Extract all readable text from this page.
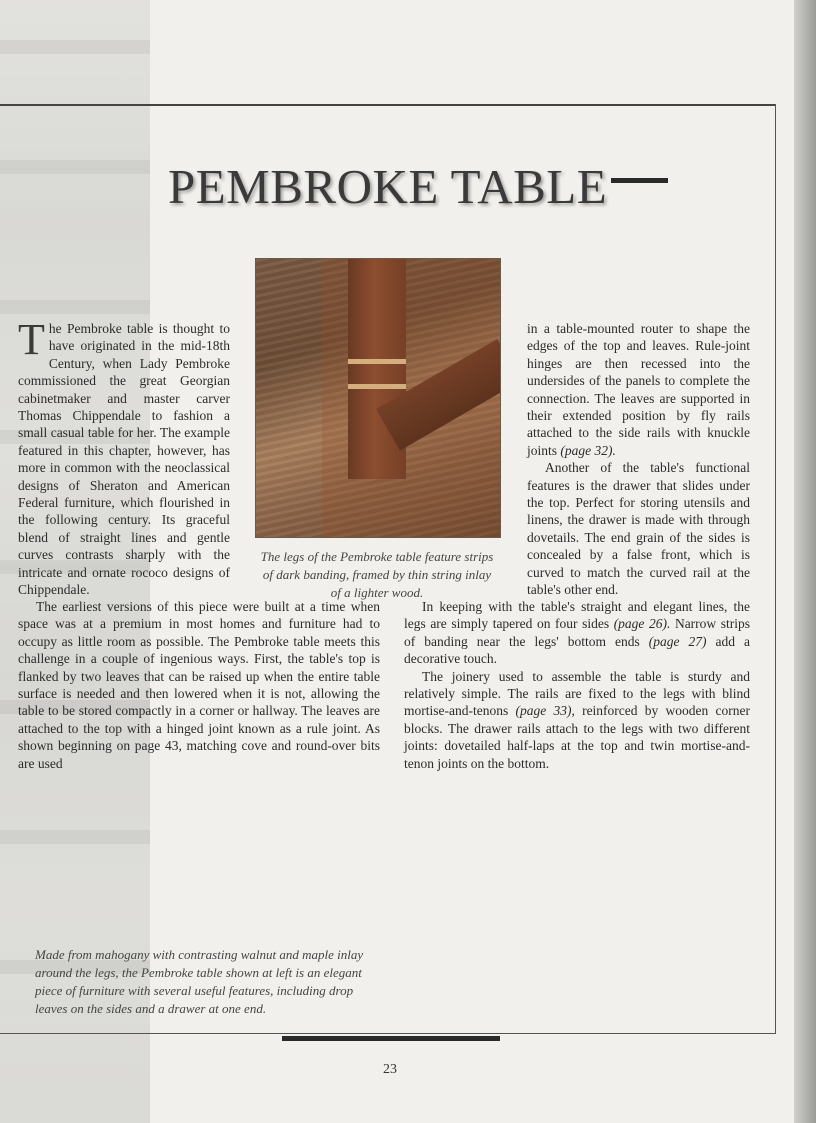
PEMBROKE TABLE
The legs of the Pembroke table feature strips of dark banding, framed by thin string inlay of a lighter wood.
The Pembroke table is thought to have originated in the mid-18th Century, when Lady Pembroke commissioned the great Georgian cabinetmaker and master carver Thomas Chippendale to fashion a small casual table for her. The example featured in this chapter, however, has more in common with the neoclassical designs of Sheraton and American Federal furniture, which flourished in the following century. Its graceful blend of straight lines and gentle curves contrasts sharply with the intricate and ornate rococo designs of Chippendale.

The earliest versions of this piece were built at a time when space was at a premium in most homes and furniture had to occupy as little room as possible. The Pembroke table meets this challenge in a couple of ingenious ways. First, the table's top is flanked by two leaves that can be raised up when the entire table surface is needed and then lowered when it is not, allowing the table to be stored compactly in a corner or hallway. The leaves are attached to the top with a hinged joint known as a rule joint. As shown beginning on page 43, matching cove and round-over bits are used

in a table-mounted router to shape the edges of the top and leaves. Rule-joint hinges are then recessed into the undersides of the panels to complete the connection. The leaves are supported in their extended position by fly rails attached to the side rails with knuckle joints (page 32).

Another of the table's functional features is the drawer that slides under the top. Perfect for storing utensils and linens, the drawer is made with through dovetails. The end grain of the sides is concealed by a false front, which is curved to match the curved rail at the table's other end.

In keeping with the table's straight and elegant lines, the legs are simply tapered on four sides (page 26). Narrow strips of banding near the legs' bottom ends (page 27) add a decorative touch.

The joinery used to assemble the table is sturdy and relatively simple. The rails are fixed to the legs with blind mortise-and-tenons (page 33), reinforced by wooden corner blocks. The drawer rails attach to the legs with two different joints: dovetailed half-laps at the top and twin mortise-and-tenon joints on the bottom.

Made from mahogany with contrasting walnut and maple inlay around the legs, the Pembroke table shown at left is an elegant piece of furniture with several useful features, including drop leaves on the sides and a drawer at one end.
23
